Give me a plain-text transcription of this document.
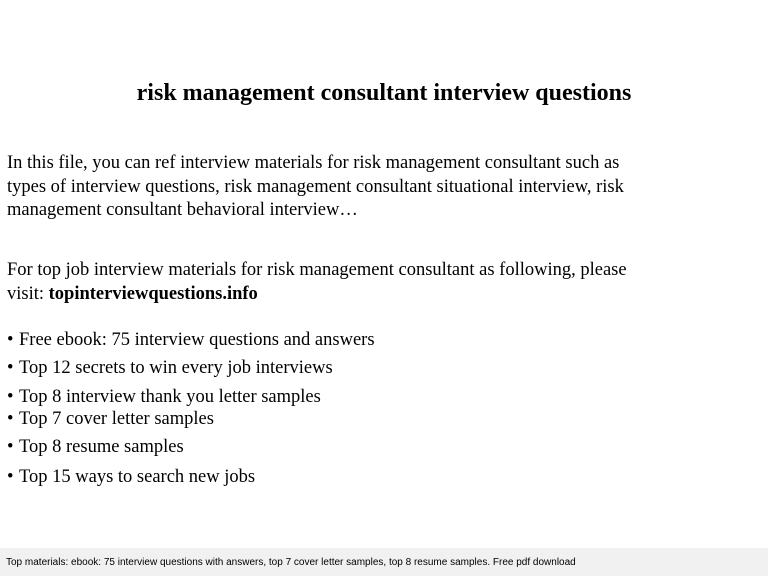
risk management consultant interview questions

In this file, you can ref interview materials for risk management consultant such as

types of interview questions, risk management consultant situational interview, risk

management consultant behavioral interview…

For top job interview materials for risk management consultant as following, please

visit: topinterviewquestions.info

• Free ebook: 75 interview questions and answers
• Top 12 secrets to win every job interviews
• Top 8 interview thank you letter samples
• Top 7 cover letter samples
• Top 8 resume samples
• Top 15 ways to search new jobs
Top materials: ebook: 75 interview questions with answers, top 7 cover letter samples, top 8 resume samples. Free pdf download
